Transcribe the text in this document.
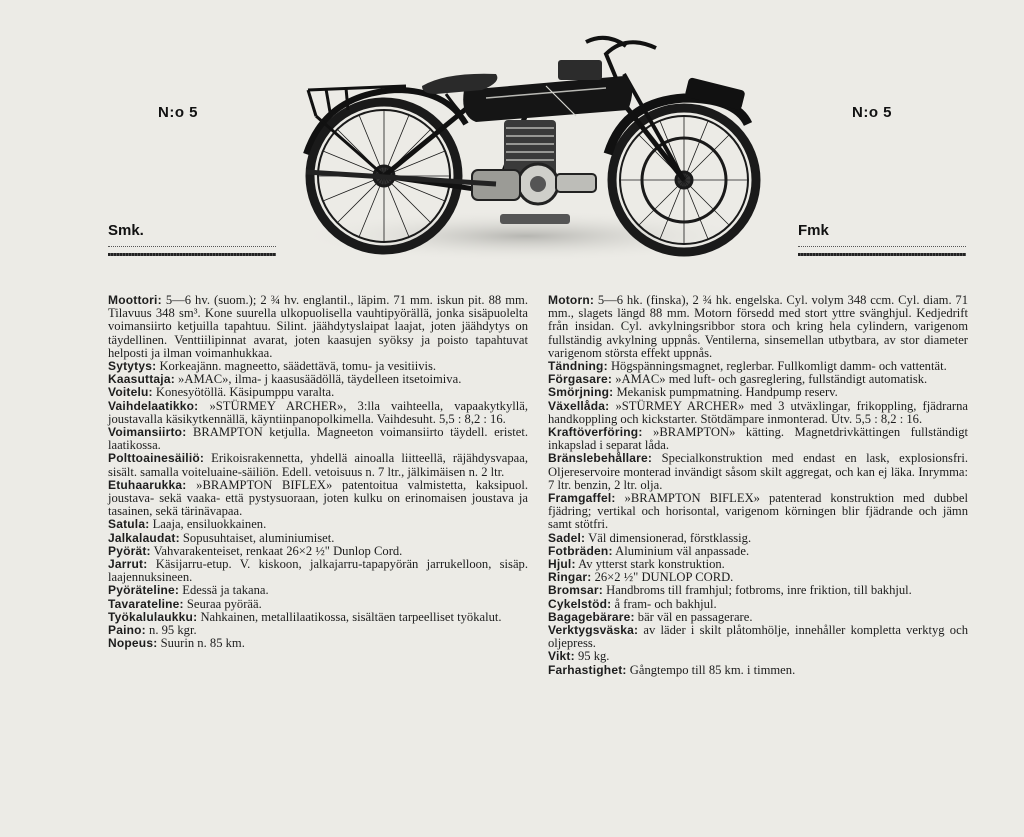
N:o 5	N:o 5
Smk.	Fmk

Moottori: 5—6 hv. (suom.); 2 ¾ hv. englantil., läpim. 71 mm. iskun pit. 88 mm. Tilavuus 348 sm³. Kone suurella ulkopuolisella vauhtipyörällä, jonka sisäpuolelta voimansiirto ketjuilla tapahtuu. Silint. jäähdytyslaipat laajat, joten jäähdytys on täydellinen. Venttiilipinnat avarat, joten kaasujen syöksy ja poisto tapahtuvat helposti ja ilman voimanhukkaa.

Sytytys: Korkeajänn. magneetto, säädettävä, tomu- ja vesitiivis.

Kaasuttaja: »AMAC», ilma- j kaasusäädöllä, täydelleen itsetoimiva.

Voitelu: Konesyötöllä. Käsipumppu varalta.

Vaihdelaatikko: »STÜRMEY ARCHER», 3:lla vaihteella, vapaakytkyllä, joustavalla käsikytkennällä, käyntiinpanopolkimella. Vaihdesuht. 5,5 : 8,2 : 16.

Voimansiirto: BRAMPTON ketjulla. Magneeton voimansiirto täydell. eristet. laatikossa.

Polttoainesäiliö: Erikoisrakennetta, yhdellä ainoalla liitteellä, räjähdysvapaa, sisält. samalla voiteluaine-säiliön. Edell. vetoisuus n. 7 ltr., jälkimäisen n. 2 ltr.

Etuhaarukka: »BRAMPTON BIFLEX» patentoitua valmistetta, kaksipuol. joustava- sekä vaaka- että pystysuoraan, joten kulku on erinomaisen joustava ja tasainen, sekä tärinävapaa.

Satula: Laaja, ensiluokkainen.

Jalkalaudat: Sopusuhtaiset, aluminiumiset.

Pyörät: Vahvarakenteiset, renkaat 26×2 ½" Dunlop Cord.

Jarrut: Käsijarru-etup. V. kiskoon, jalkajarru-tapapyörän jarrukelloon, sisäp. laajennuksineen.

Pyöräteline: Edessä ja takana.

Tavarateline: Seuraa pyörää.

Työkalulaukku: Nahkainen, metallilaatikossa, sisältäen tarpeelliset työkalut.

Paino: n. 95 kgr.

Nopeus: Suurin n. 85 km.

Motorn: 5—6 hk. (finska), 2 ¾ hk. engelska. Cyl. volym 348 ccm. Cyl. diam. 71 mm., slagets längd 88 mm. Motorn försedd med stort yttre svänghjul. Kedjedrift från insidan. Cyl. avkylningsribbor stora och kring hela cylindern, varigenom fullständig avkylning uppnås. Ventilerna, sinsemellan utbytbara, av stor diameter varigenom största effekt uppnås.

Tändning: Högspänningsmagnet, reglerbar. Fullkomligt damm- och vattentät.

Förgasare: »AMAC» med luft- och gasreglering, fullständigt automatisk.

Smörjning: Mekanisk pumpmatning. Handpump reserv.

Växellåda: »STÜRMEY ARCHER» med 3 utväxlingar, frikoppling, fjädrarna handkoppling och kickstarter. Stötdämpare inmonterad. Utv. 5,5 : 8,2 : 16.

Kraftöverföring: »BRAMPTON» kätting. Magnetdrivkättingen fullständigt inkapslad i separat låda.

Bränslebehållare: Specialkonstruktion med endast en lask, explosionsfri. Oljereservoire monterad invändigt såsom skilt aggregat, och kan ej läka. Inrymma: 7 ltr. benzin, 2 ltr. olja.

Framgaffel: »BRAMPTON BIFLEX» patenterad konstruktion med dubbel fjädring; vertikal och horisontal, varigenom körningen blir fjädrande och jämn samt stötfri.

Sadel: Väl dimensionerad, förstklassig.

Fotbräden: Aluminium väl anpassade.

Hjul: Av ytterst stark konstruktion.

Ringar: 26×2 ½" DUNLOP CORD.

Bromsar: Handbroms till framhjul; fotbroms, inre friktion, till bakhjul.

Cykelstöd: å fram- och bakhjul.

Bagagebärare: bär väl en passagerare.

Verktygsväska: av läder i skilt plåtomhölje, innehåller kompletta verktyg och oljepress.

Vikt: 95 kg.

Farhastighet: Gångtempo till 85 km. i timmen.
